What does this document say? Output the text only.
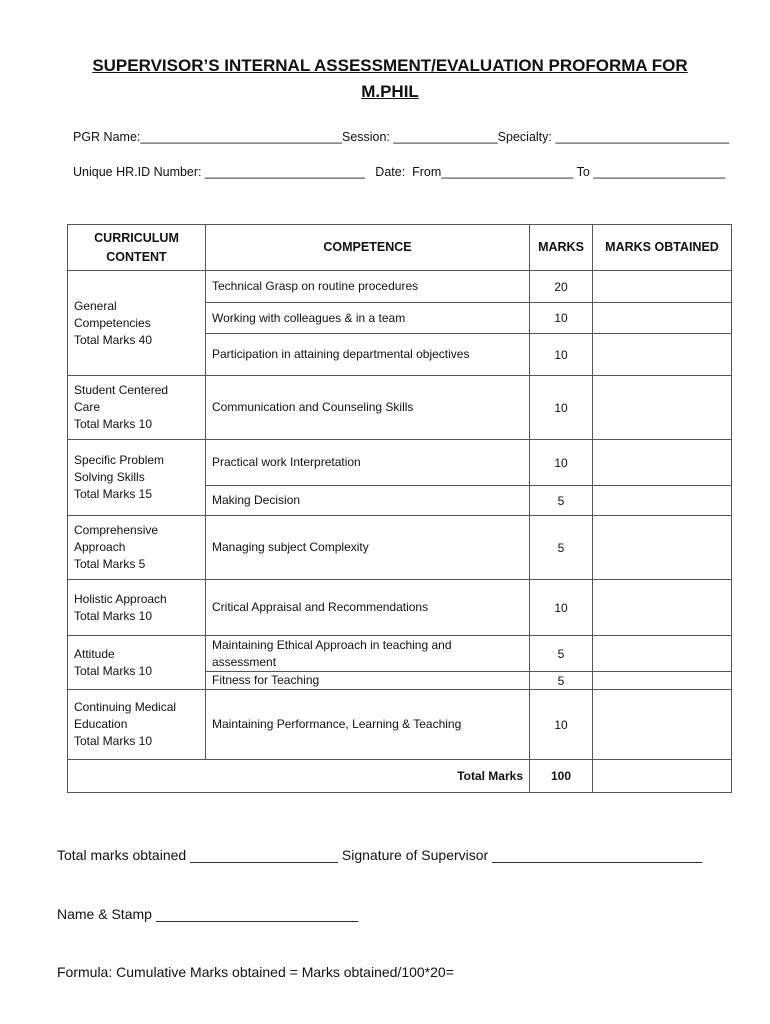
SUPERVISOR’S INTERNAL ASSESSMENT/EVALUATION PROFORMA FOR
M.PHIL
PGR Name:_____________________________Session: _______________Specialty: _________________________
Unique HR.ID Number: _______________________   Date:  From___________________ To ___________________
CURRICULUM CONTENT	COMPETENCE	MARKS	MARKS OBTAINED
General
Competencies
Total Marks 40	Technical Grasp on routine procedures	20	
	Working with colleagues & in a team	10	
	Participation in attaining departmental objectives	10	
Student Centered
Care
Total Marks 10	Communication and Counseling Skills	10	
Specific Problem
Solving Skills
Total Marks 15	Practical work Interpretation	10	
	Making Decision	5	
Comprehensive
Approach
Total Marks 5	Managing subject Complexity	5	
Holistic Approach
Total Marks 10	Critical Appraisal and Recommendations	10	
Attitude
Total Marks 10	Maintaining Ethical Approach in teaching and
assessment	5	
	Fitness for Teaching	5	
Continuing Medical
Education
Total Marks 10	Maintaining Performance, Learning & Teaching	10	
Total Marks		100	
Total marks obtained ___________________ Signature of Supervisor ___________________________
Name & Stamp __________________________
Formula: Cumulative Marks obtained = Marks obtained/100*20=
